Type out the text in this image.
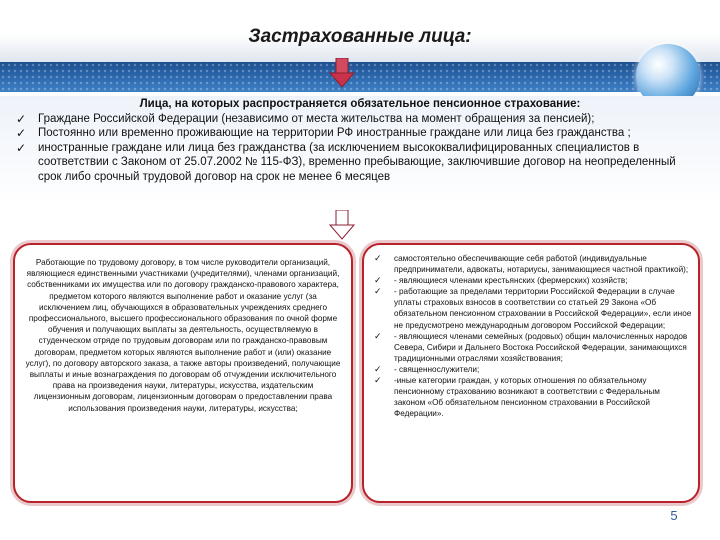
Застрахованные лица:
Лица, на которых распространяется обязательное пенсионное страхование:
✓ Граждане Российской Федерации (независимо от места жительства на момент обращения за пенсией);
✓ Постоянно или временно проживающие на территории РФ иностранные граждане или лица без гражданства ;
✓ иностранные граждане или лица без гражданства (за исключением высококвалифицированных специалистов в соответствии с Законом от 25.07.2002 № 115-ФЗ), временно пребывающие, заключившие договор на неопределенный срок либо срочный трудовой договор на срок не менее 6 месяцев

Работающие по трудовому договору, в том числе руководители организаций, являющиеся единственными участниками (учредителями), членами организаций, собственниками их имущества или по договору гражданско-правового характера, предметом которого являются выполнение работ и оказание услуг (за исключением лиц, обучающихся в образовательных учреждениях среднего профессионального, высшего профессионального образования по очной форме обучения и получающих выплаты за деятельность, осуществляемую в студенческом отряде по трудовым договорам или по гражданско-правовым договорам, предметом которых являются выполнение работ и (или) оказание услуг), по договору авторского заказа, а также авторы произведений, получающие выплаты и иные вознаграждения по договорам об отчуждении исключительного права на произведения науки, литературы, искусства, издательским лицензионным договорам, лицензионным договорам о предоставлении права использования произведения науки, литературы, искусства;

✓ самостоятельно обеспечивающие себя работой (индивидуальные предприниматели, адвокаты, нотариусы, занимающиеся частной практикой);
✓ - являющиеся членами крестьянских (фермерских) хозяйств;
✓ - работающие за пределами территории Российской Федерации в случае уплаты страховых взносов в соответствии со статьей 29 Закона «Об обязательном пенсионном страховании в Российской Федерации», если иное не предусмотрено международным договором Российской Федерации;
✓ - являющиеся членами семейных (родовых) общин малочисленных народов Севера, Сибири и Дальнего Востока Российской Федерации, занимающихся традиционными отраслями хозяйствования;
✓ - священнослужители;
✓ -иные категории граждан, у которых отношения по обязательному пенсионному страхованию возникают в соответствии с Федеральным законом «Об обязательном пенсионном страховании в Российской Федерации».
5
